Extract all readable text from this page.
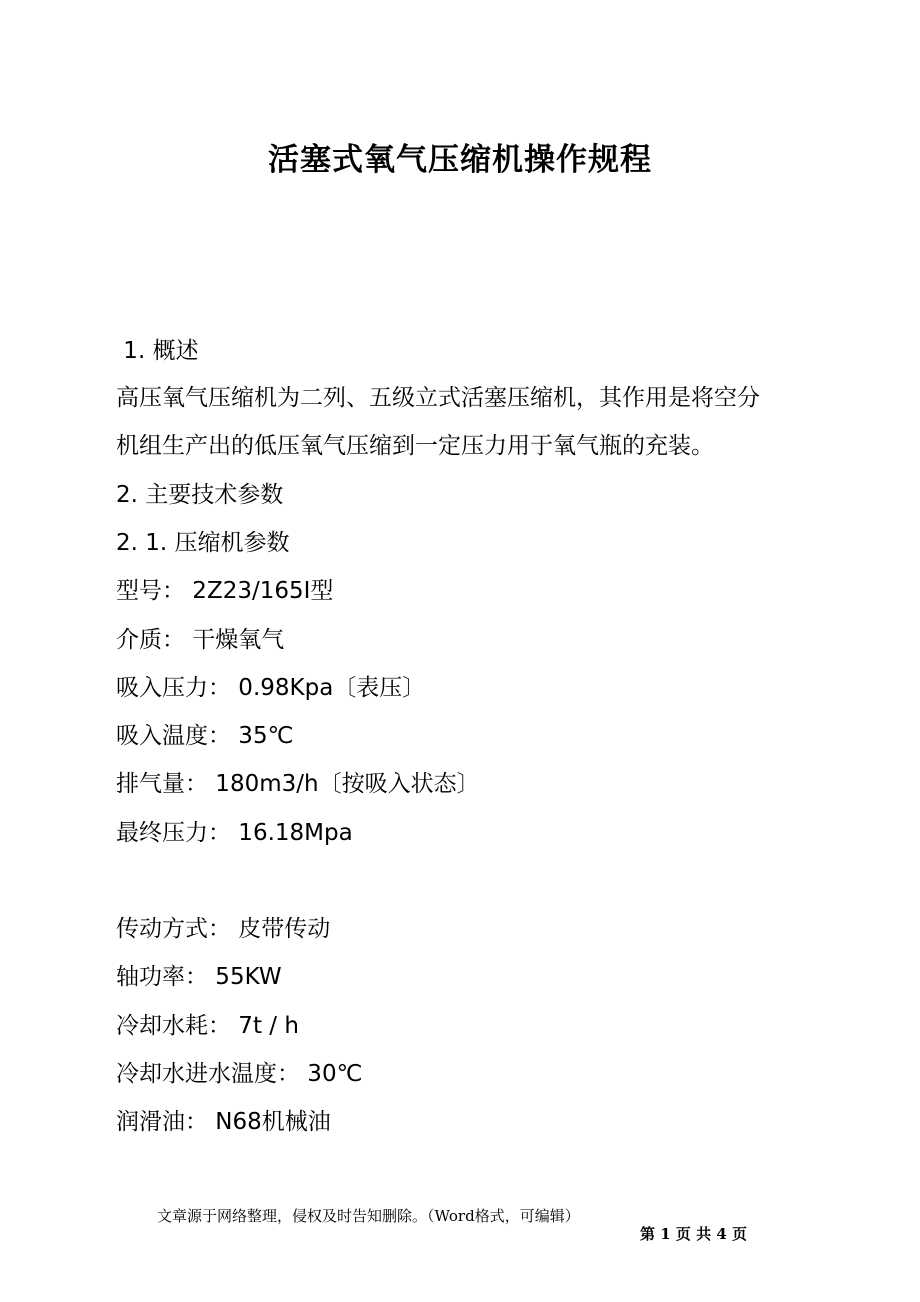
活塞式氧气压缩机操作规程
1. 概述
高压氧气压缩机为二列、五级立式活塞压缩机，其作用是将空分
机组生产出的低压氧气压缩到一定压力用于氧气瓶的充装。
2. 主要技术参数
2. 1. 压缩机参数
型号： 2Z23/165I型
介质： 干燥氧气
吸入压力： 0.98Kpa〔表压〕
吸入温度： 35℃
排气量： 180m3/h〔按吸入状态〕
最终压力： 16.18Mpa
传动方式： 皮带传动
轴功率： 55KW
冷却水耗： 7t / h
冷却水进水温度： 30℃
润滑油： N68机械油

文章源于网络整理，侵权及时告知删除。（Word格式，可编辑）

第 1 页 共 4 页
